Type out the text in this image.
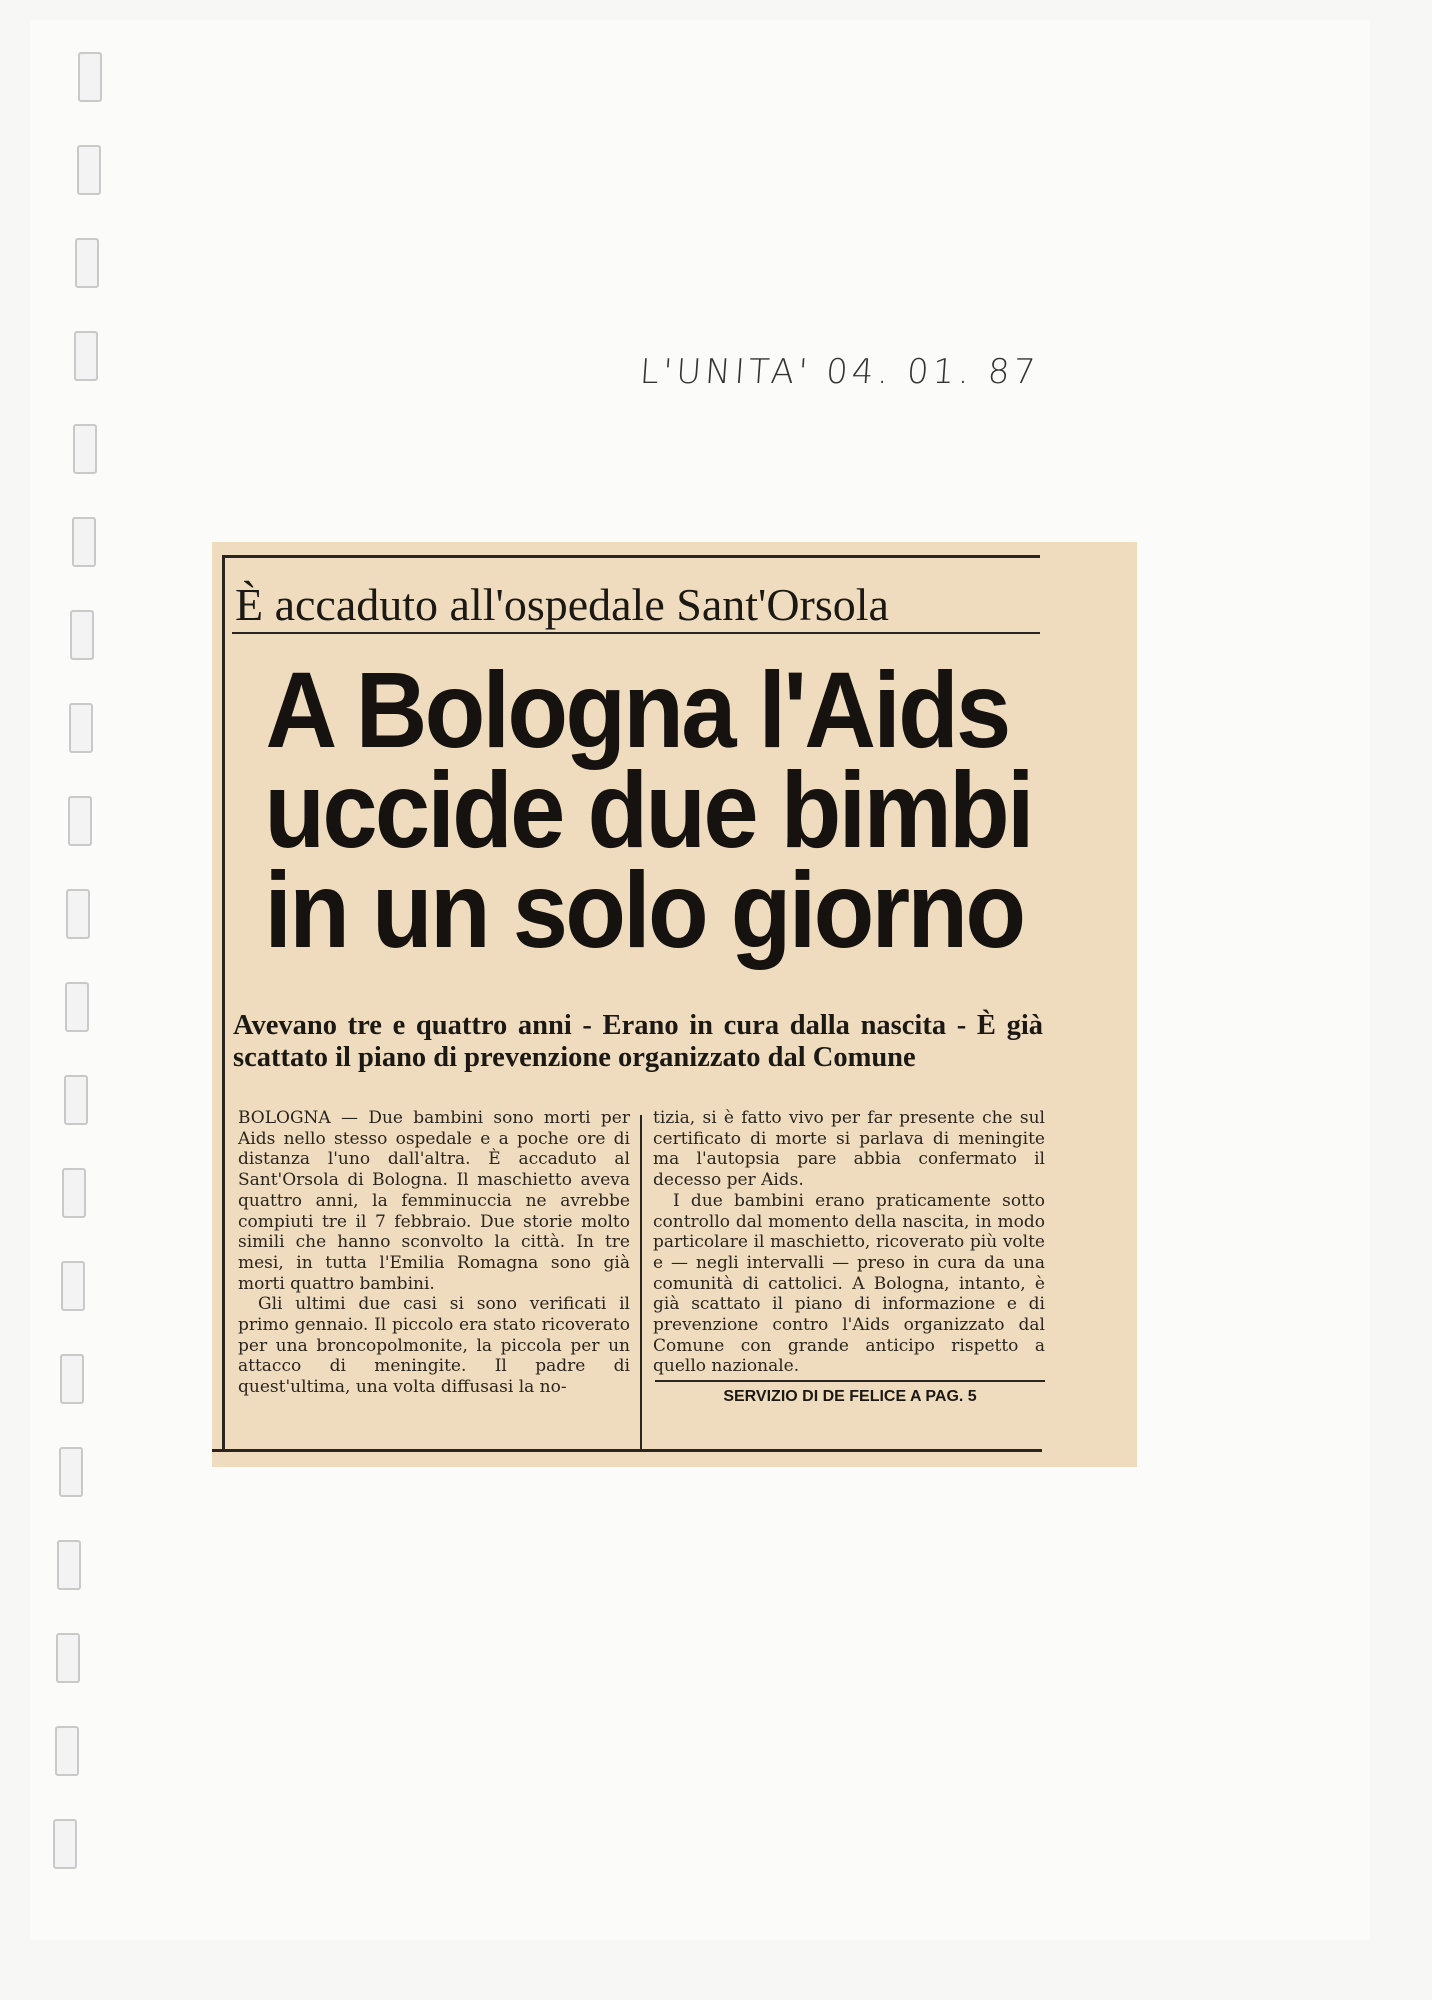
L'UNITA' 04. 01. 87
È accaduto all'ospedale Sant'Orsola
A Bologna l'Aids
uccide due bimbi
in un solo giorno
Avevano tre e quattro anni - Erano in cura dalla nascita - È già scattato il piano di prevenzione organizzato dal Comune

BOLOGNA — Due bambini sono morti per Aids nello stesso ospedale e a poche ore di distanza l'uno dall'altra. È accaduto al Sant'Orsola di Bologna. Il maschietto aveva quattro anni, la femminuccia ne avrebbe compiuti tre il 7 febbraio. Due storie molto simili che hanno sconvolto la città. In tre mesi, in tutta l'Emilia Romagna sono già morti quattro bambini.

Gli ultimi due casi si sono verificati il primo gennaio. Il piccolo era stato ricoverato per una broncopolmonite, la piccola per un attacco di meningite. Il padre di quest'ultima, una volta diffusasi la no-

tizia, si è fatto vivo per far presente che sul certificato di morte si parlava di meningite ma l'autopsia pare abbia confermato il decesso per Aids.

I due bambini erano praticamente sotto controllo dal momento della nascita, in modo particolare il maschietto, ricoverato più volte e — negli intervalli — preso in cura da una comunità di cattolici. A Bologna, intanto, è già scattato il piano di informazione e di prevenzione contro l'Aids organizzato dal Comune con grande anticipo rispetto a quello nazionale.

SERVIZIO DI DE FELICE A PAG. 5
